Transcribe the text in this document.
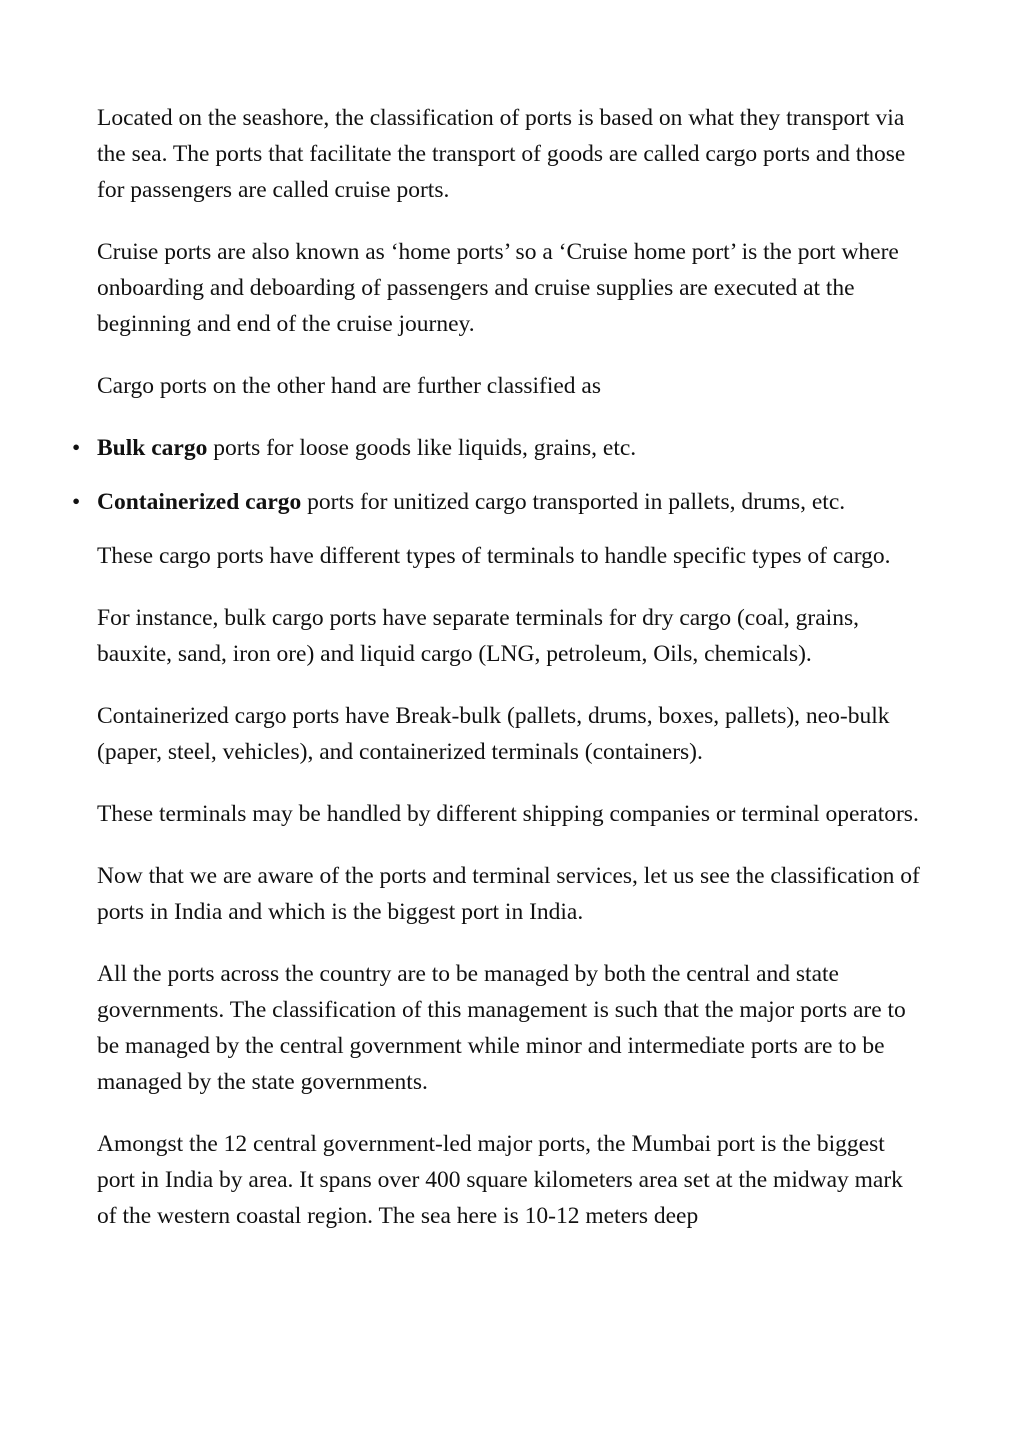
Located on the seashore, the classification of ports is based on what they transport via the sea. The ports that facilitate the transport of goods are called cargo ports and those for passengers are called cruise ports.

Cruise ports are also known as ‘home ports’ so a ‘Cruise home port’ is the port where onboarding and deboarding of passengers and cruise supplies are executed at the beginning and end of the cruise journey.

Cargo ports on the other hand are further classified as

• Bulk cargo ports for loose goods like liquids, grains, etc.
• Containerized cargo ports for unitized cargo transported in pallets, drums, etc.

These cargo ports have different types of terminals to handle specific types of cargo.

For instance, bulk cargo ports have separate terminals for dry cargo (coal, grains, bauxite, sand, iron ore) and liquid cargo (LNG, petroleum, Oils, chemicals).

Containerized cargo ports have Break-bulk (pallets, drums, boxes, pallets), neo-bulk (paper, steel, vehicles), and containerized terminals (containers).

These terminals may be handled by different shipping companies or terminal operators.

Now that we are aware of the ports and terminal services, let us see the classification of ports in India and which is the biggest port in India.

All the ports across the country are to be managed by both the central and state governments. The classification of this management is such that the major ports are to be managed by the central government while minor and intermediate ports are to be managed by the state governments.

Amongst the 12 central government-led major ports, the Mumbai port is the biggest port in India by area. It spans over 400 square kilometers area set at the midway mark of the western coastal region. The sea here is 10-12 meters deep
